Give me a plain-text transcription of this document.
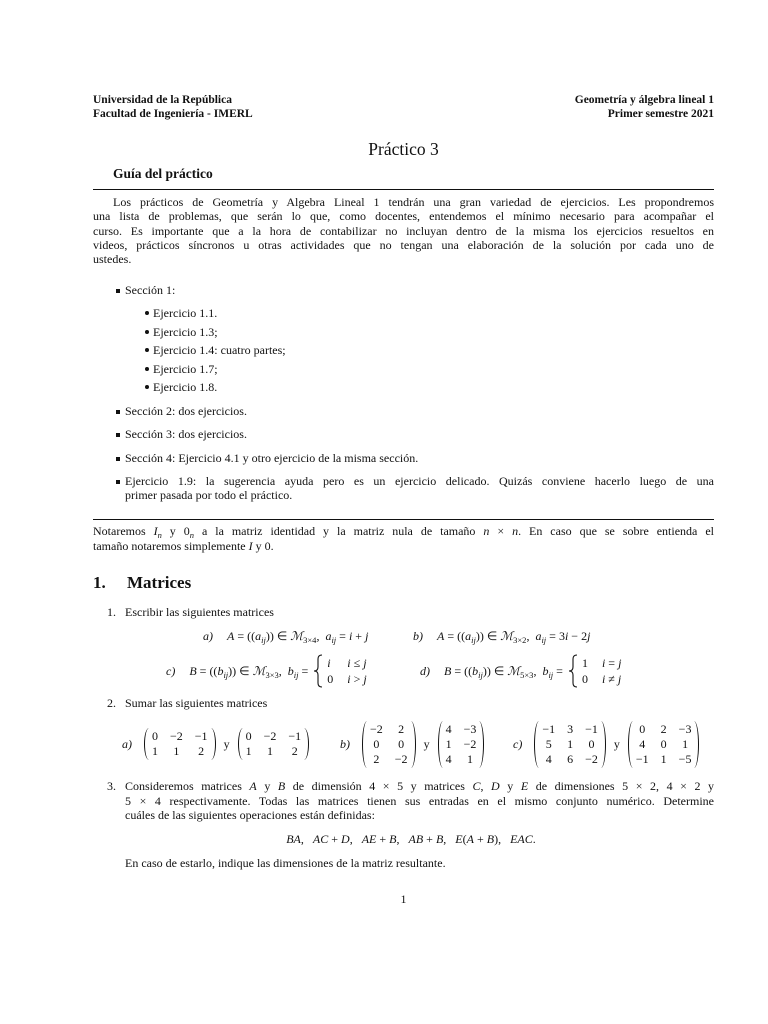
Universidad de la República
Facultad de Ingeniería - IMERL
Geometría y álgebra lineal 1
Primer semestre 2021
Práctico 3
Guía del práctico
Los prácticos de Geometría y Algebra Lineal 1 tendrán una gran variedad de ejercicios. Les propondremos
una lista de problemas, que serán lo que, como docentes, entendemos el mínimo necesario para acompañar el
curso. Es importante que a la hora de contabilizar no incluyan dentro de la misma los ejercicios resueltos en
videos, prácticos síncronos u otras actividades que no tengan una elaboración de la solución por cada uno de
ustedes.
Sección 1:
Ejercicio 1.1.
Ejercicio 1.3;
Ejercicio 1.4: cuatro partes;
Ejercicio 1.7;
Ejercicio 1.8.
Sección 2: dos ejercicios.
Sección 3: dos ejercicios.
Sección 4: Ejercicio 4.1 y otro ejercicio de la misma sección.
Ejercicio 1.9: la sugerencia ayuda pero es un ejercicio delicado. Quizás conviene hacerlo luego de una
primer pasada por todo el práctico.
Notaremos $I_n$ y $0_n$ a la matriz identidad y la matriz nula de tamaño n × n. En caso que se sobre entienda el
tamaño notaremos simplemente I y 0.
1. Matrices
1. Escribir las siguientes matrices
a) $A = ((a_{ij}))$ ∈ ℳ$_{3\times 4}$,  $a_{ij} = i + j$	b) $A = ((a_{ij}))$ ∈ ℳ$_{3\times 2}$,  $a_{ij} = 3i - 2j$
c) $B = ((b_{ij}))$ ∈ ℳ$_{3\times 3}$,  $b_{ij}$ =
i i ≤ j
0 i > j
d) $B = ((b_{ij}))$ ∈ ℳ$_{5\times 3}$,  $b_{ij}$ =
1 i = j
0 i ≠ j
2. Sumar las siguientes matrices
a)
0 −2 −1
1 1 2
y
0 −2 −1
1 1 2
b)
−2 2
0 0
2 −2
y
4 −3
1 −2
4 1
c)
−1 3 −1
5 1 0
4 6 −2
y
0 2 −3
4 0 1
−1 1 −5
3. Consideremos matrices A y B de dimensión 4 × 5 y matrices C, D y E de dimensiones 5 × 2, 4 × 2 y
5 × 4 respectivamente. Todas las matrices tienen sus entradas en el mismo conjunto numérico. Determine
cuáles de las siguientes operaciones están definidas:
BA,   AC + D,   AE + B,   AB + B,   E(A + B),   EAC.
En caso de estarlo, indique las dimensiones de la matriz resultante.
1
